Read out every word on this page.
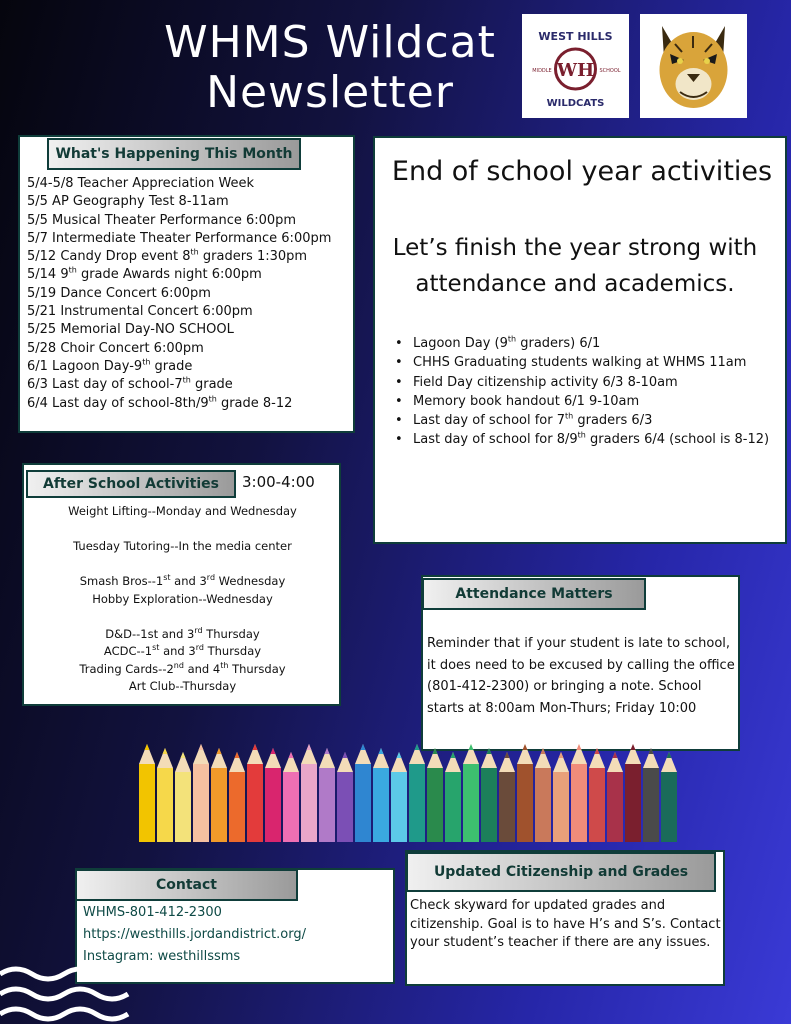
WHMS Wildcat
Newsletter
WEST HILLS
WH
MIDDLE	SCHOOL
WILDCATS
5/4-5/8 Teacher Appreciation Week
5/5 AP Geography Test 8-11am
5/5 Musical Theater Performance 6:00pm
5/7 Intermediate Theater Performance 6:00pm
5/12 Candy Drop event 8th graders 1:30pm
5/14 9th grade Awards night 6:00pm
5/19 Dance Concert 6:00pm
5/21 Instrumental Concert 6:00pm
5/25 Memorial Day-NO SCHOOL
5/28 Choir Concert 6:00pm
6/1 Lagoon Day-9th grade
6/3 Last day of school-7th grade
6/4 Last day of school-8th/9th grade 8-12
What's Happening This Month
End of school year activities
Let’s finish the year strong with attendance and academics.
• Lagoon Day (9th graders) 6/1
• CHHS Graduating students walking at WHMS 11am
• Field Day citizenship activity 6/3 8-10am
• Memory book handout 6/1 9-10am
• Last day of school for 7th graders 6/3
• Last day of school for 8/9th graders 6/4 (school is 8-12)
3:00-4:00
Weight Lifting--Monday and Wednesday

Tuesday Tutoring--In the media center

Smash Bros--1st and 3rd Wednesday
Hobby Exploration--Wednesday

D&D--1st and 3rd Thursday
ACDC--1st and 3rd Thursday
Trading Cards--2nd and 4th Thursday
Art Club--Thursday
After School Activities
Reminder that if your student is late to school, it does need to be excused by calling the office (801-412-2300) or bringing a note. School starts at 8:00am Mon-Thurs; Friday 10:00
Attendance Matters
WHMS-801-412-2300
https://westhills.jordandistrict.org/
Instagram: westhillssms
Contact
Check skyward for updated grades and citizenship. Goal is to have H’s and S’s. Contact your student’s teacher if there are any issues.
Updated Citizenship and Grades
